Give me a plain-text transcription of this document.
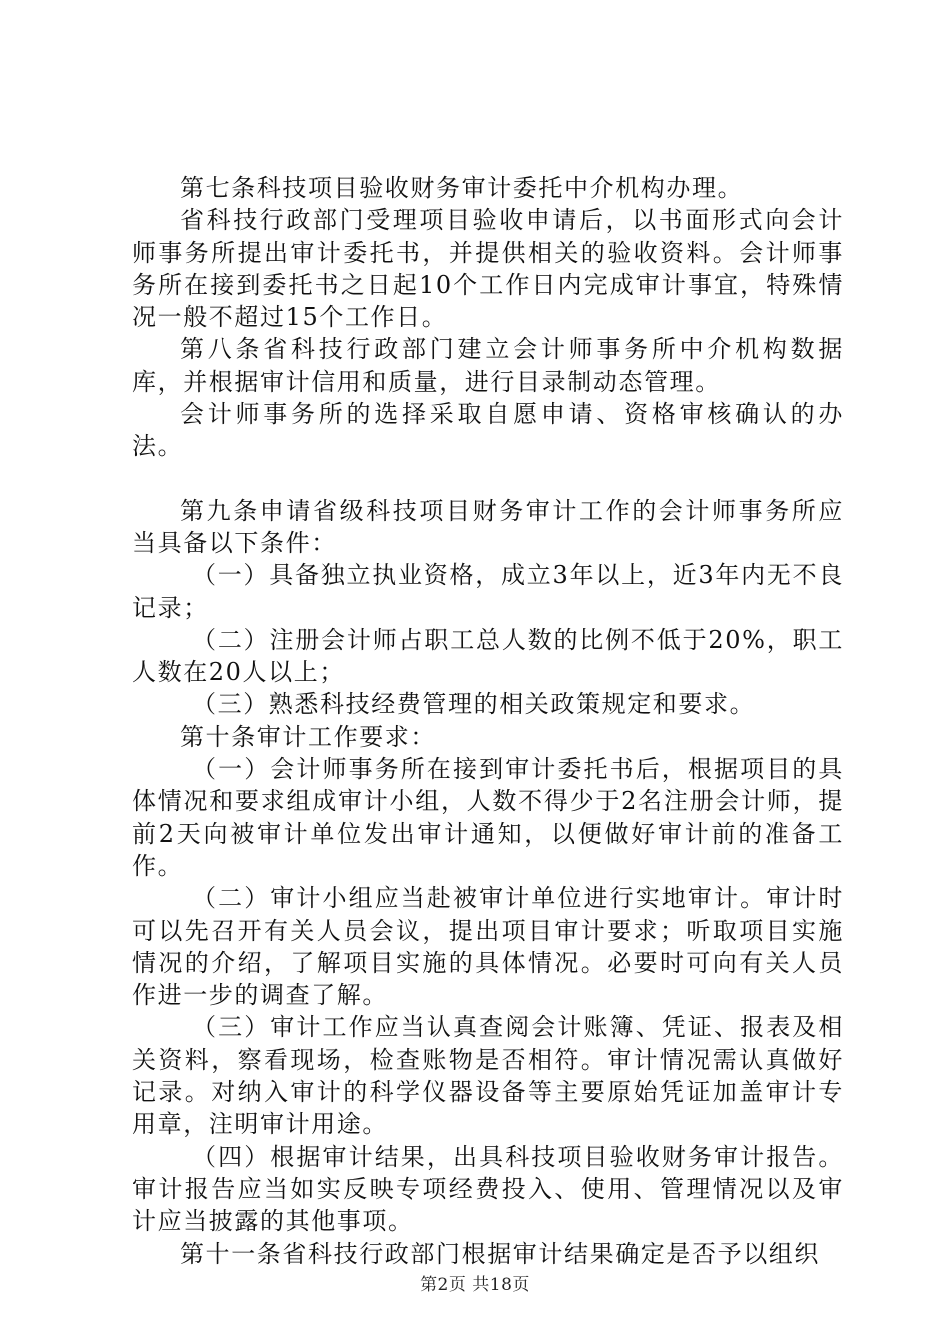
第七条科技项目验收财务审计委托中介机构办理。

省科技行政部门受理项目验收申请后，以书面形式向会计师事务所提出审计委托书，并提供相关的验收资料。会计师事务所在接到委托书之日起10个工作日内完成审计事宜，特殊情况一般不超过15个工作日。

第八条省科技行政部门建立会计师事务所中介机构数据库，并根据审计信用和质量，进行目录制动态管理。

会计师事务所的选择采取自愿申请、资格审核确认的办法。

第九条申请省级科技项目财务审计工作的会计师事务所应当具备以下条件：

（一）具备独立执业资格，成立3年以上，近3年内无不良记录；

（二）注册会计师占职工总人数的比例不低于20%，职工人数在20人以上；

（三）熟悉科技经费管理的相关政策规定和要求。

第十条审计工作要求：

（一）会计师事务所在接到审计委托书后，根据项目的具体情况和要求组成审计小组，人数不得少于2名注册会计师，提前2天向被审计单位发出审计通知，以便做好审计前的准备工作。

（二）审计小组应当赴被审计单位进行实地审计。审计时可以先召开有关人员会议，提出项目审计要求；听取项目实施情况的介绍，了解项目实施的具体情况。必要时可向有关人员作进一步的调查了解。

（三）审计工作应当认真查阅会计账簿、凭证、报表及相关资料，察看现场，检查账物是否相符。审计情况需认真做好记录。对纳入审计的科学仪器设备等主要原始凭证加盖审计专用章，注明审计用途。

（四）根据审计结果，出具科技项目验收财务审计报告。审计报告应当如实反映专项经费投入、使用、管理情况以及审计应当披露的其他事项。

第十一条省科技行政部门根据审计结果确定是否予以组织

第2页 共18页
